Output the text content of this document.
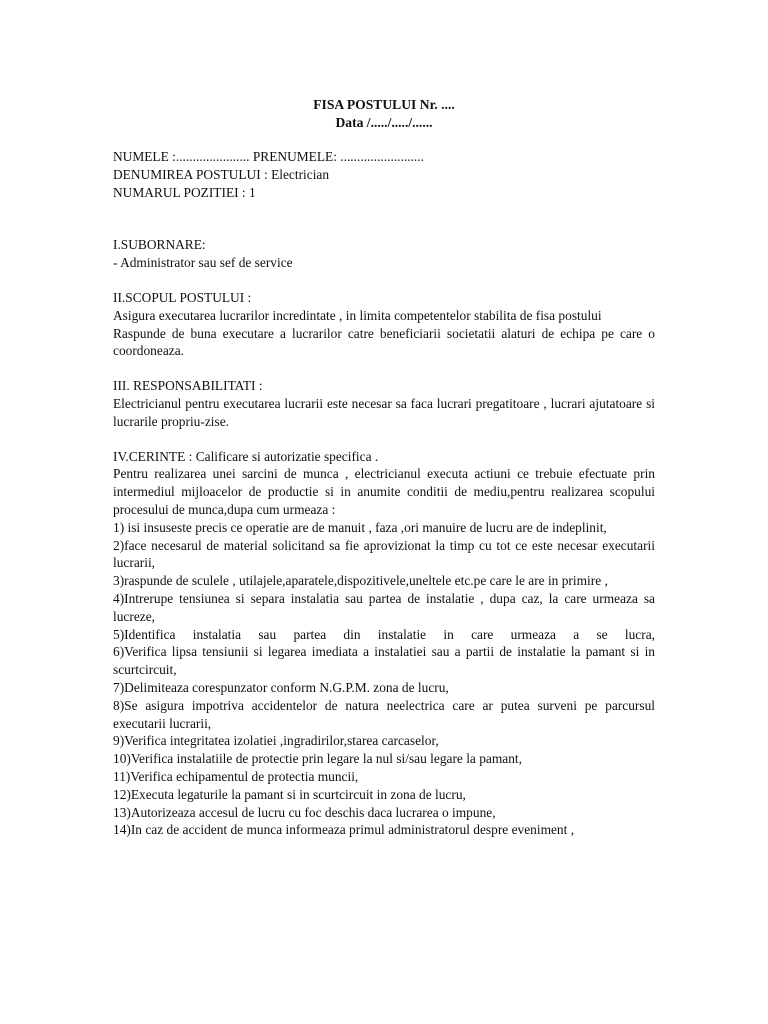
FISA POSTULUI Nr. ....
Data /...../...../......

NUMELE :...................... PRENUMELE: .........................

DENUMIREA POSTULUI : Electrician

NUMARUL POZITIEI : 1

I.SUBORNARE:

- Administrator sau sef de service

II.SCOPUL POSTULUI :

Asigura executarea lucrarilor incredintate , in limita competentelor stabilita de fisa postului

Raspunde de buna executare a lucrarilor catre beneficiarii societatii alaturi de echipa pe care o coordoneaza.

III. RESPONSABILITATI :

Electricianul pentru executarea lucrarii este necesar sa faca lucrari pregatitoare , lucrari ajutatoare si lucrarile propriu-zise.

IV.CERINTE : Calificare si autorizatie specifica .

Pentru realizarea unei sarcini de munca , electricianul executa actiuni ce trebuie efectuate prin intermediul mijloacelor de productie si in anumite conditii de mediu,pentru realizarea scopului procesului de munca,dupa cum urmeaza :

1) isi insuseste precis ce operatie are de manuit , faza ,ori manuire de lucru are de indeplinit,

2)face necesarul de material solicitand sa fie aprovizionat la timp cu tot ce este necesar executarii lucrarii,

3)raspunde de sculele , utilajele,aparatele,dispozitivele,uneltele etc.pe care le are in primire ,

4)Intrerupe tensiunea si separa instalatia sau partea de instalatie , dupa caz, la care urmeaza sa lucreze,

5)Identifica instalatia sau partea din instalatie in care urmeaza a se lucra,

6)Verifica lipsa tensiunii si legarea imediata a instalatiei sau a partii de instalatie la pamant si in scurtcircuit,

7)Delimiteaza corespunzator conform N.G.P.M. zona de lucru,

8)Se asigura impotriva accidentelor de natura neelectrica care ar putea surveni pe parcursul executarii lucrarii,

9)Verifica integritatea izolatiei ,ingradirilor,starea carcaselor,

10)Verifica instalatiile de protectie prin legare la nul si/sau legare la pamant,

11)Verifica echipamentul de protectia muncii,

12)Executa legaturile la pamant si in scurtcircuit in zona de lucru,

13)Autorizeaza accesul de lucru cu foc deschis daca lucrarea o impune,

14)In caz de accident de munca informeaza primul administratorul despre eveniment ,
